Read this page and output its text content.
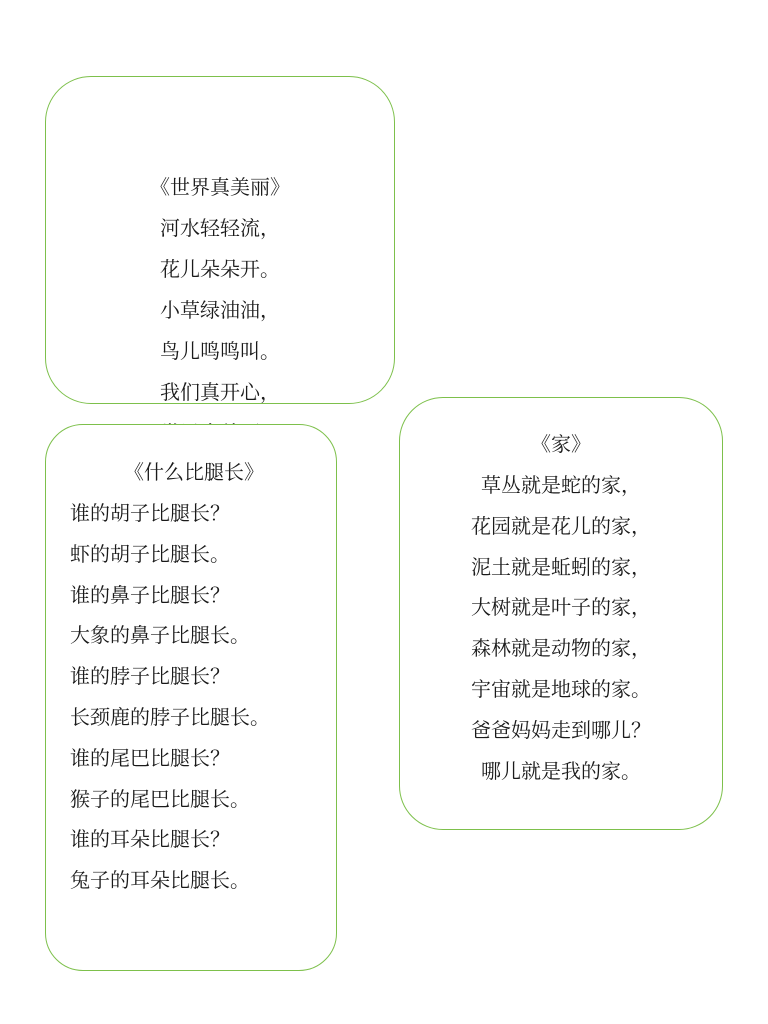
《世界真美丽》
河水轻轻流，
花儿朵朵开。
小草绿油油，
鸟儿鸣鸣叫。
我们真开心，
《什么比腿长》
谁的胡子比腿长？
虾的胡子比腿长。
谁的鼻子比腿长？
大象的鼻子比腿长。
谁的脖子比腿长？
长颈鹿的脖子比腿长。
谁的尾巴比腿长？
猴子的尾巴比腿长。
谁的耳朵比腿长？
兔子的耳朵比腿长。
《家》
草丛就是蛇的家，
花园就是花儿的家，
泥土就是蚯蚓的家，
大树就是叶子的家，
森林就是动物的家，
宇宙就是地球的家。
爸爸妈妈走到哪儿？
哪儿就是我的家。
